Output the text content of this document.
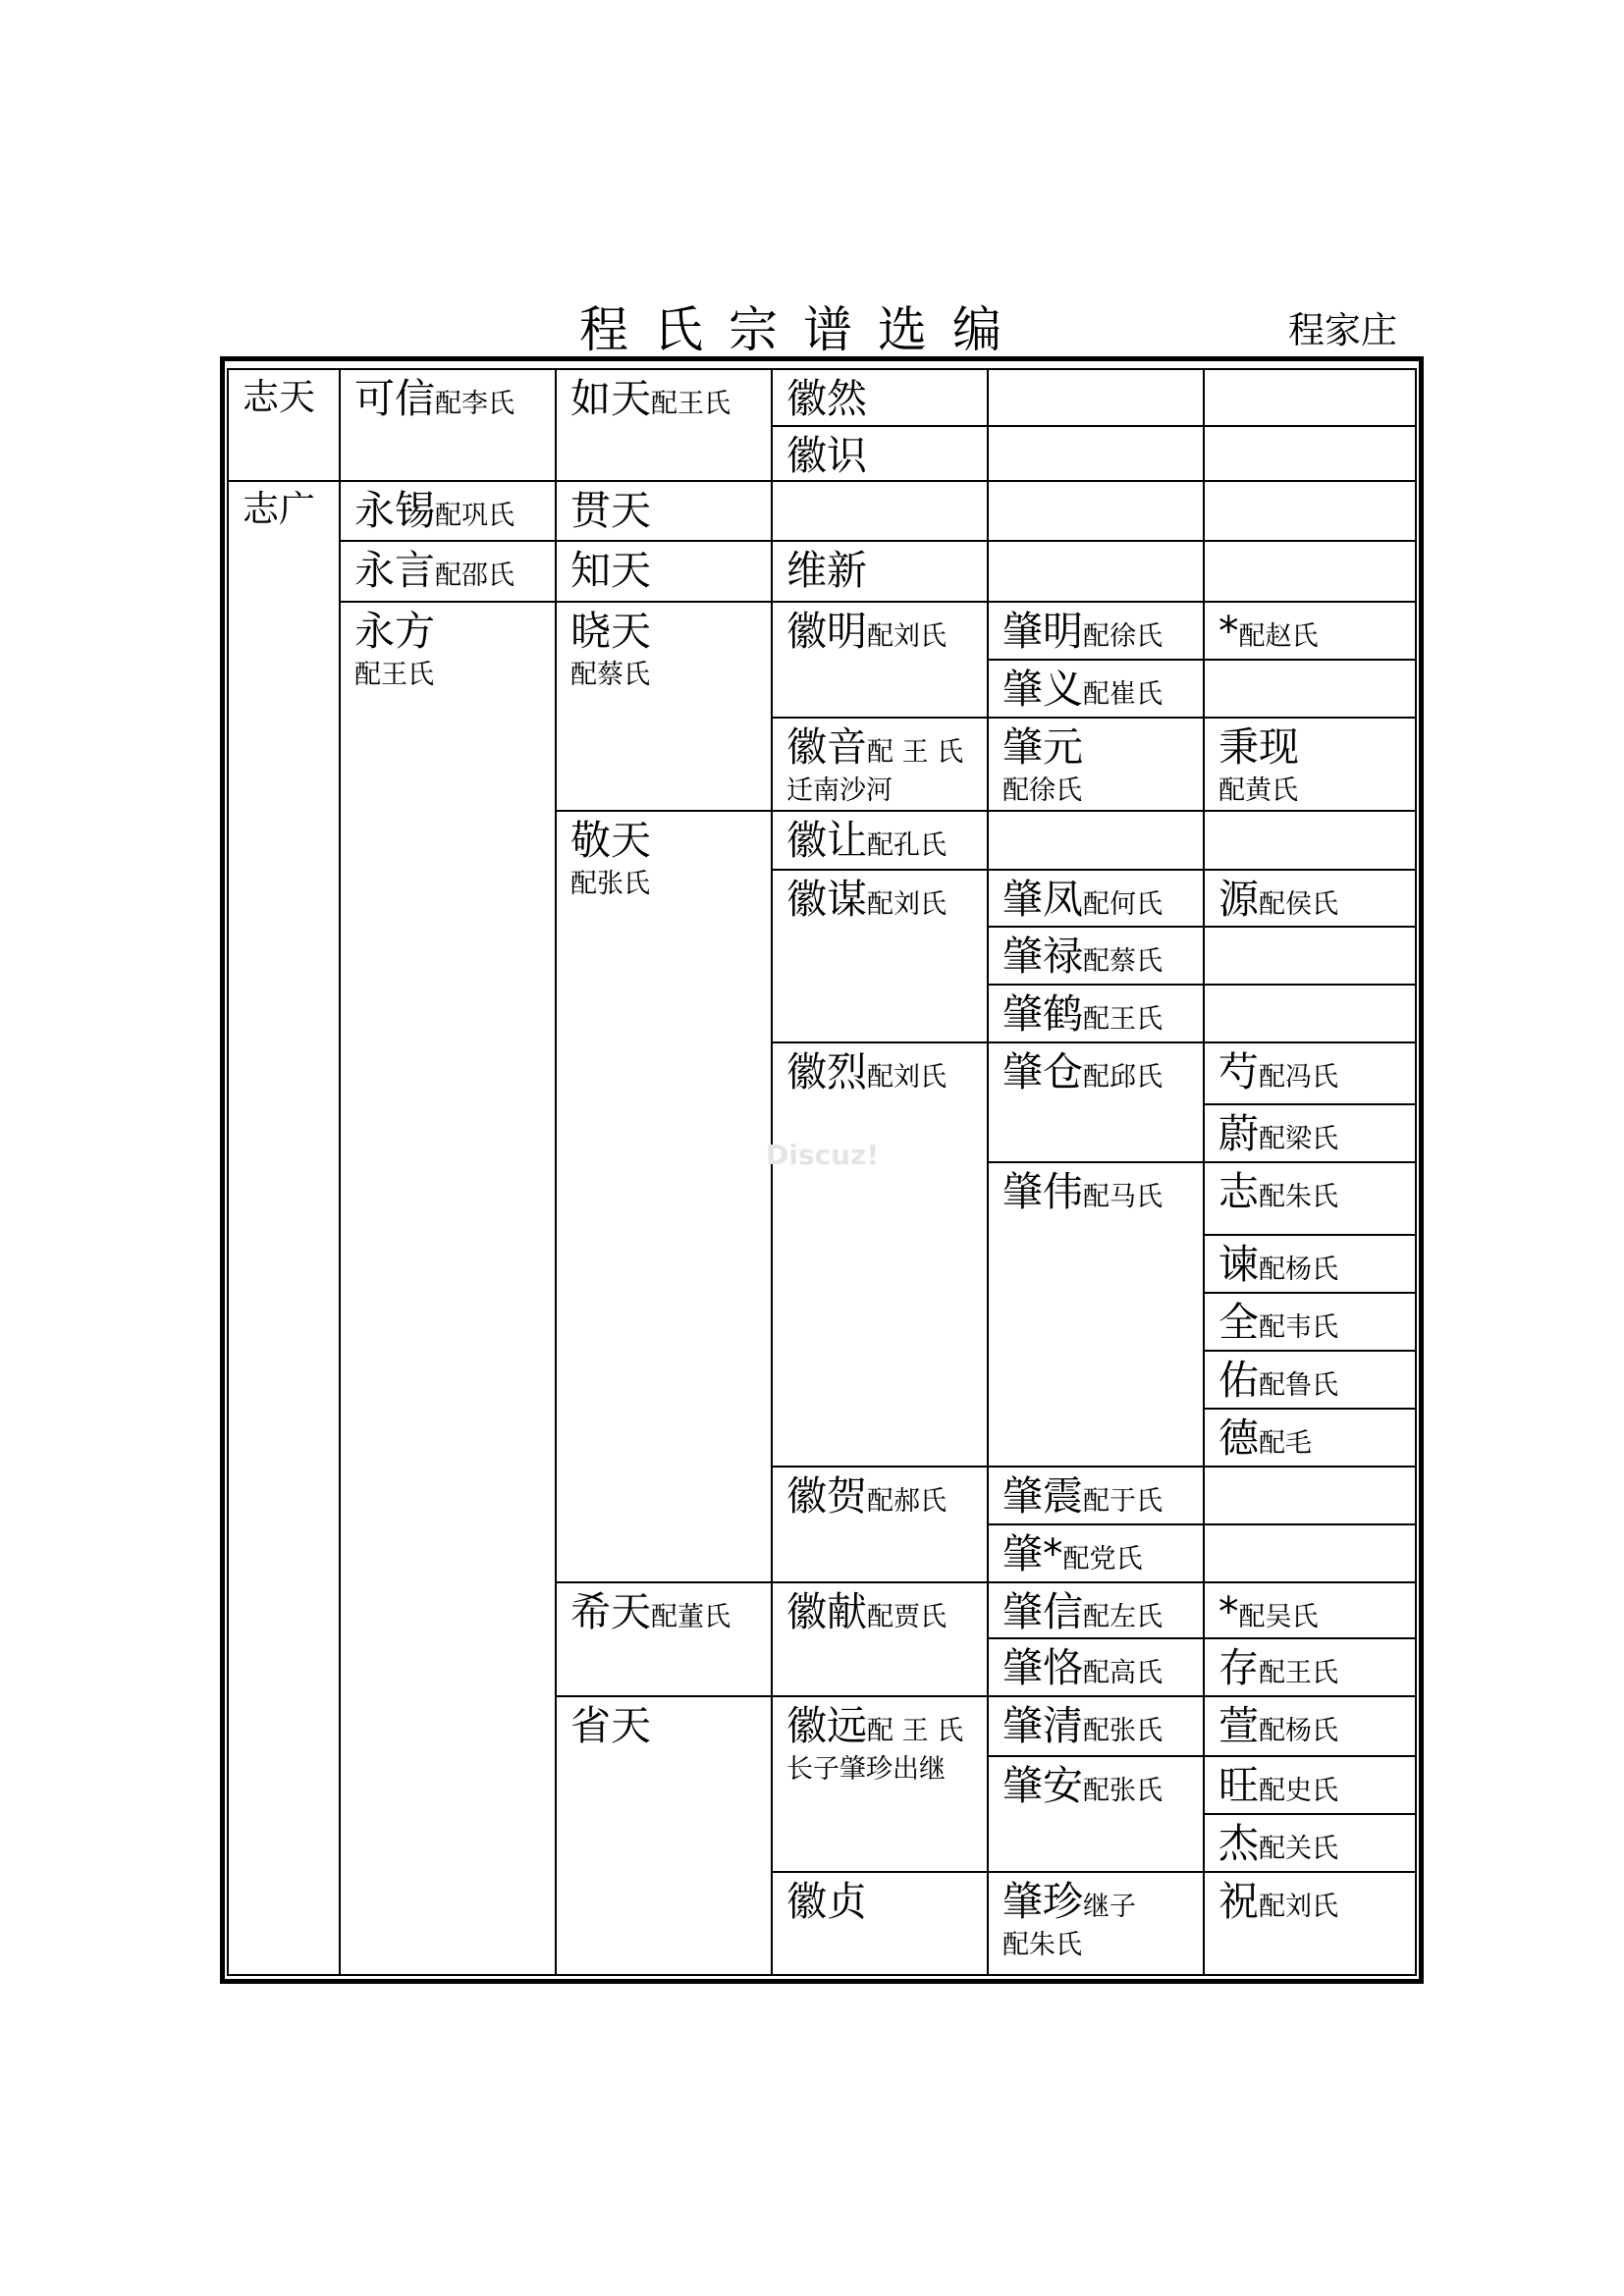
程氏宗谱选编	程家庄
志天
志广
可信配李氏
永锡配巩氏
永言配邵氏
永方
配王氏
如天配王氏
贯天
知天
晓天
配蔡氏
敬天
配张氏
希天配董氏
省天
徽然
徽识
维新
徽明配刘氏
徽音配 王 氏
迁南沙河
徽让配孔氏
徽谋配刘氏
徽烈配刘氏
徽贺配郝氏
徽献配贾氏
徽远配 王 氏
长子肇珍出继
徽贞
肇明配徐氏
肇义配崔氏
肇元
配徐氏
肇凤配何氏
肇禄配蔡氏
肇鹤配王氏
肇仓配邱氏
肇伟配马氏
肇震配于氏
肇*配党氏
肇信配左氏
肇恪配高氏
肇清配张氏
肇安配张氏
肇珍继子
配朱氏
*配赵氏
秉现
配黄氏
源配侯氏
芍配冯氏
蔚配梁氏
志配朱氏
谏配杨氏
全配韦氏
佑配鲁氏
德配毛
*配吴氏
存配王氏
萱配杨氏
旺配史氏
杰配关氏
祝配刘氏
Discuz!
